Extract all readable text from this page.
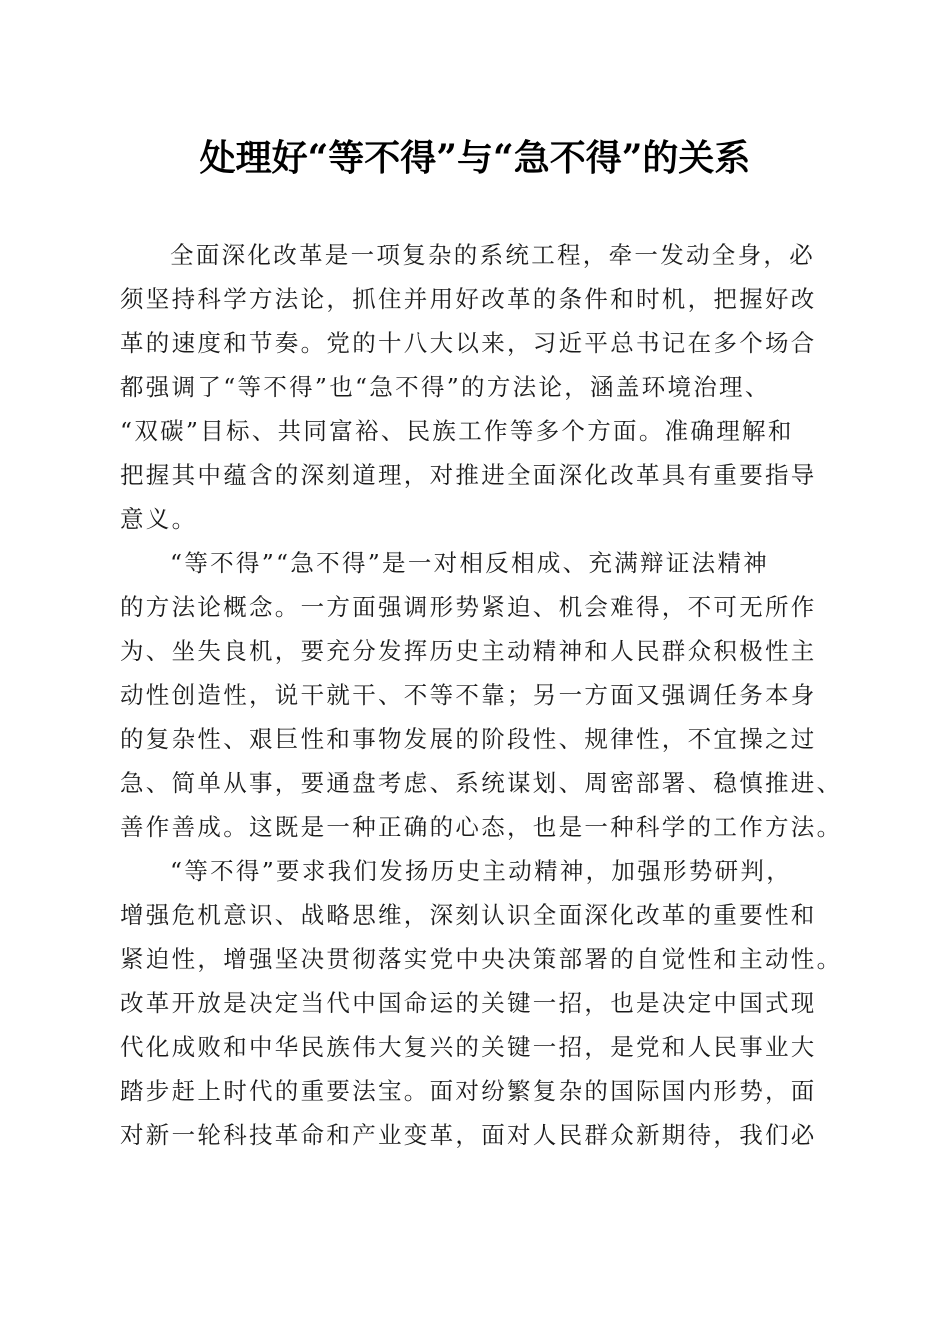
处理好“等不得”与“急不得”的关系
全面深化改革是一项复杂的系统工程，牵一发动全身，必
须坚持科学方法论，抓住并用好改革的条件和时机，把握好改
革的速度和节奏。党的十八大以来，习近平总书记在多个场合
都强调了“等不得”也“急不得”的方法论，涵盖环境治理、
“双碳”目标、共同富裕、民族工作等多个方面。准确理解和
把握其中蕴含的深刻道理，对推进全面深化改革具有重要指导
意义。
“等不得”“急不得”是一对相反相成、充满辩证法精神
的方法论概念。一方面强调形势紧迫、机会难得，不可无所作
为、坐失良机，要充分发挥历史主动精神和人民群众积极性主
动性创造性，说干就干、不等不靠；另一方面又强调任务本身
的复杂性、艰巨性和事物发展的阶段性、规律性，不宜操之过
急、简单从事，要通盘考虑、系统谋划、周密部署、稳慎推进、
善作善成。这既是一种正确的心态，也是一种科学的工作方法。
“等不得”要求我们发扬历史主动精神，加强形势研判，
增强危机意识、战略思维，深刻认识全面深化改革的重要性和
紧迫性，增强坚决贯彻落实党中央决策部署的自觉性和主动性。
改革开放是决定当代中国命运的关键一招，也是决定中国式现
代化成败和中华民族伟大复兴的关键一招，是党和人民事业大
踏步赶上时代的重要法宝。面对纷繁复杂的国际国内形势，面
对新一轮科技革命和产业变革，面对人民群众新期待，我们必
